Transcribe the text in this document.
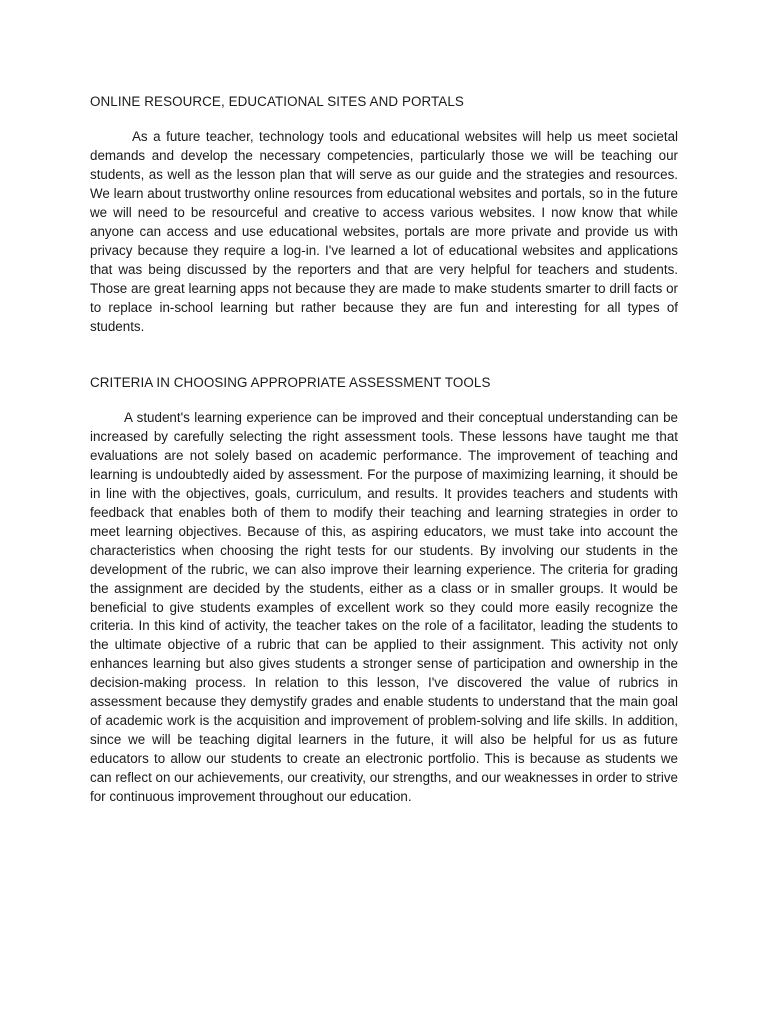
ONLINE RESOURCE, EDUCATIONAL SITES AND PORTALS

As a future teacher, technology tools and educational websites will help us meet societal demands and develop the necessary competencies, particularly those we will be teaching our students, as well as the lesson plan that will serve as our guide and the strategies and resources. We learn about trustworthy online resources from educational websites and portals, so in the future we will need to be resourceful and creative to access various websites. I now know that while anyone can access and use educational websites, portals are more private and provide us with privacy because they require a log-in. I've learned a lot of educational websites and applications that was being discussed by the reporters and that are very helpful for teachers and students. Those are great learning apps not because they are made to make students smarter to drill facts or to replace in-school learning but rather because they are fun and interesting for all types of students.

CRITERIA IN CHOOSING APPROPRIATE ASSESSMENT TOOLS

A student's learning experience can be improved and their conceptual understanding can be increased by carefully selecting the right assessment tools. These lessons have taught me that evaluations are not solely based on academic performance. The improvement of teaching and learning is undoubtedly aided by assessment. For the purpose of maximizing learning, it should be in line with the objectives, goals, curriculum, and results. It provides teachers and students with feedback that enables both of them to modify their teaching and learning strategies in order to meet learning objectives. Because of this, as aspiring educators, we must take into account the characteristics when choosing the right tests for our students. By involving our students in the development of the rubric, we can also improve their learning experience. The criteria for grading the assignment are decided by the students, either as a class or in smaller groups. It would be beneficial to give students examples of excellent work so they could more easily recognize the criteria. In this kind of activity, the teacher takes on the role of a facilitator, leading the students to the ultimate objective of a rubric that can be applied to their assignment. This activity not only enhances learning but also gives students a stronger sense of participation and ownership in the decision-making process. In relation to this lesson, I've discovered the value of rubrics in assessment because they demystify grades and enable students to understand that the main goal of academic work is the acquisition and improvement of problem-solving and life skills. In addition, since we will be teaching digital learners in the future, it will also be helpful for us as future educators to allow our students to create an electronic portfolio. This is because as students we can reflect on our achievements, our creativity, our strengths, and our weaknesses in order to strive for continuous improvement throughout our education.
